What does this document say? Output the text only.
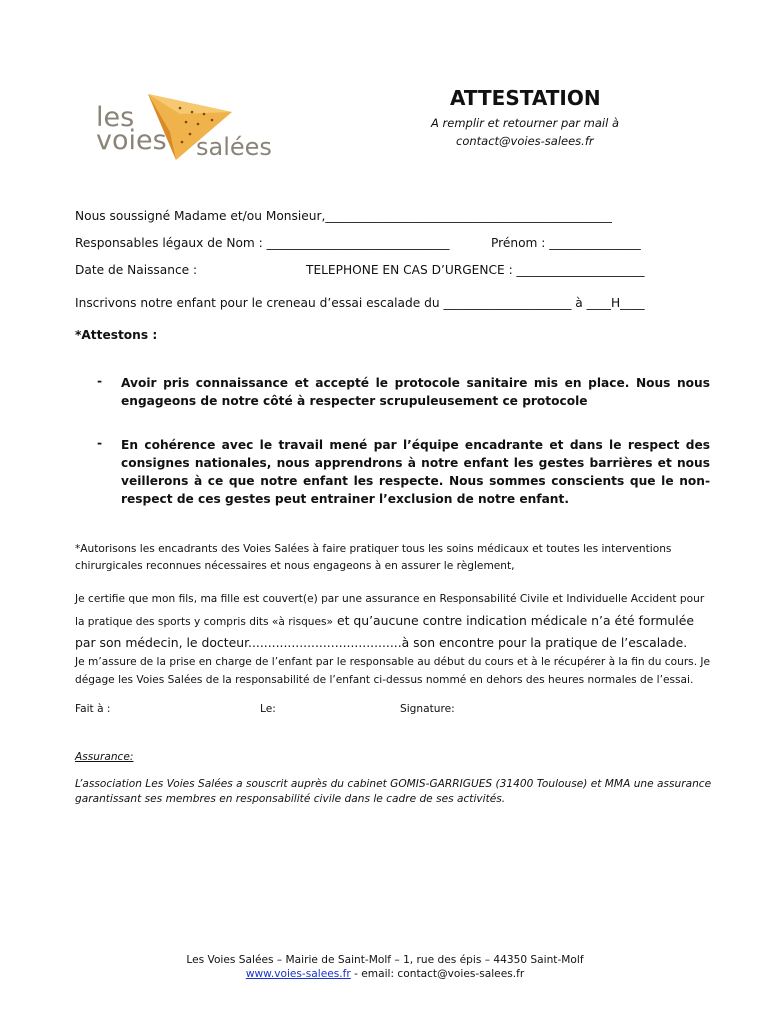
les
voies salées
ATTESTATION
A remplir et retourner par mail à
contact@voies-salees.fr
Nous soussigné Madame et/ou Monsieur,_______________________________________________
Responsables légaux de Nom : ______________________________	Prénom : _______________
Date de Naissance :	TELEPHONE EN CAS D’URGENCE : _____________________
Inscrivons notre enfant pour le creneau d’essai escalade du _____________________ à ____H____
*Attestons :
- Avoir pris connaissance et accepté le protocole sanitaire mis en place. Nous nous engageons de notre côté à respecter scrupuleusement ce protocole
- En cohérence avec le travail mené par l’équipe encadrante et dans le respect des consignes nationales, nous apprendrons à notre enfant les gestes barrières et nous veillerons à ce que notre enfant les respecte. Nous sommes conscients que le non-respect de ces gestes peut entrainer l’exclusion de notre enfant.
*Autorisons les encadrants des Voies Salées à faire pratiquer tous les soins médicaux et toutes les interventions chirurgicales reconnues nécessaires et nous engageons à en assurer le règlement,
Je certifie que mon fils, ma fille est couvert(e) par une assurance en Responsabilité Civile et Individuelle Accident pour la pratique des sports y compris dits «à risques» et qu’aucune contre indication médicale n’a été formulée par son médecin, le docteur.......................................à son encontre pour la pratique de l’escalade.
Je m’assure de la prise en charge de l’enfant par le responsable au début du cours et à le récupérer à la fin du cours. Je dégage les Voies Salées de la responsabilité de l’enfant ci-dessus nommé en dehors des heures normales de l’essai.
Fait à :	Le:	Signature:
Assurance:
L’association Les Voies Salées a souscrit auprès du cabinet GOMIS-GARRIGUES (31400 Toulouse) et MMA une assurance garantissant ses membres en responsabilité civile dans le cadre de ses activités.
Les Voies Salées – Mairie de Saint-Molf – 1, rue des épis – 44350 Saint-Molf
www.voies-salees.fr - email: contact@voies-salees.fr
